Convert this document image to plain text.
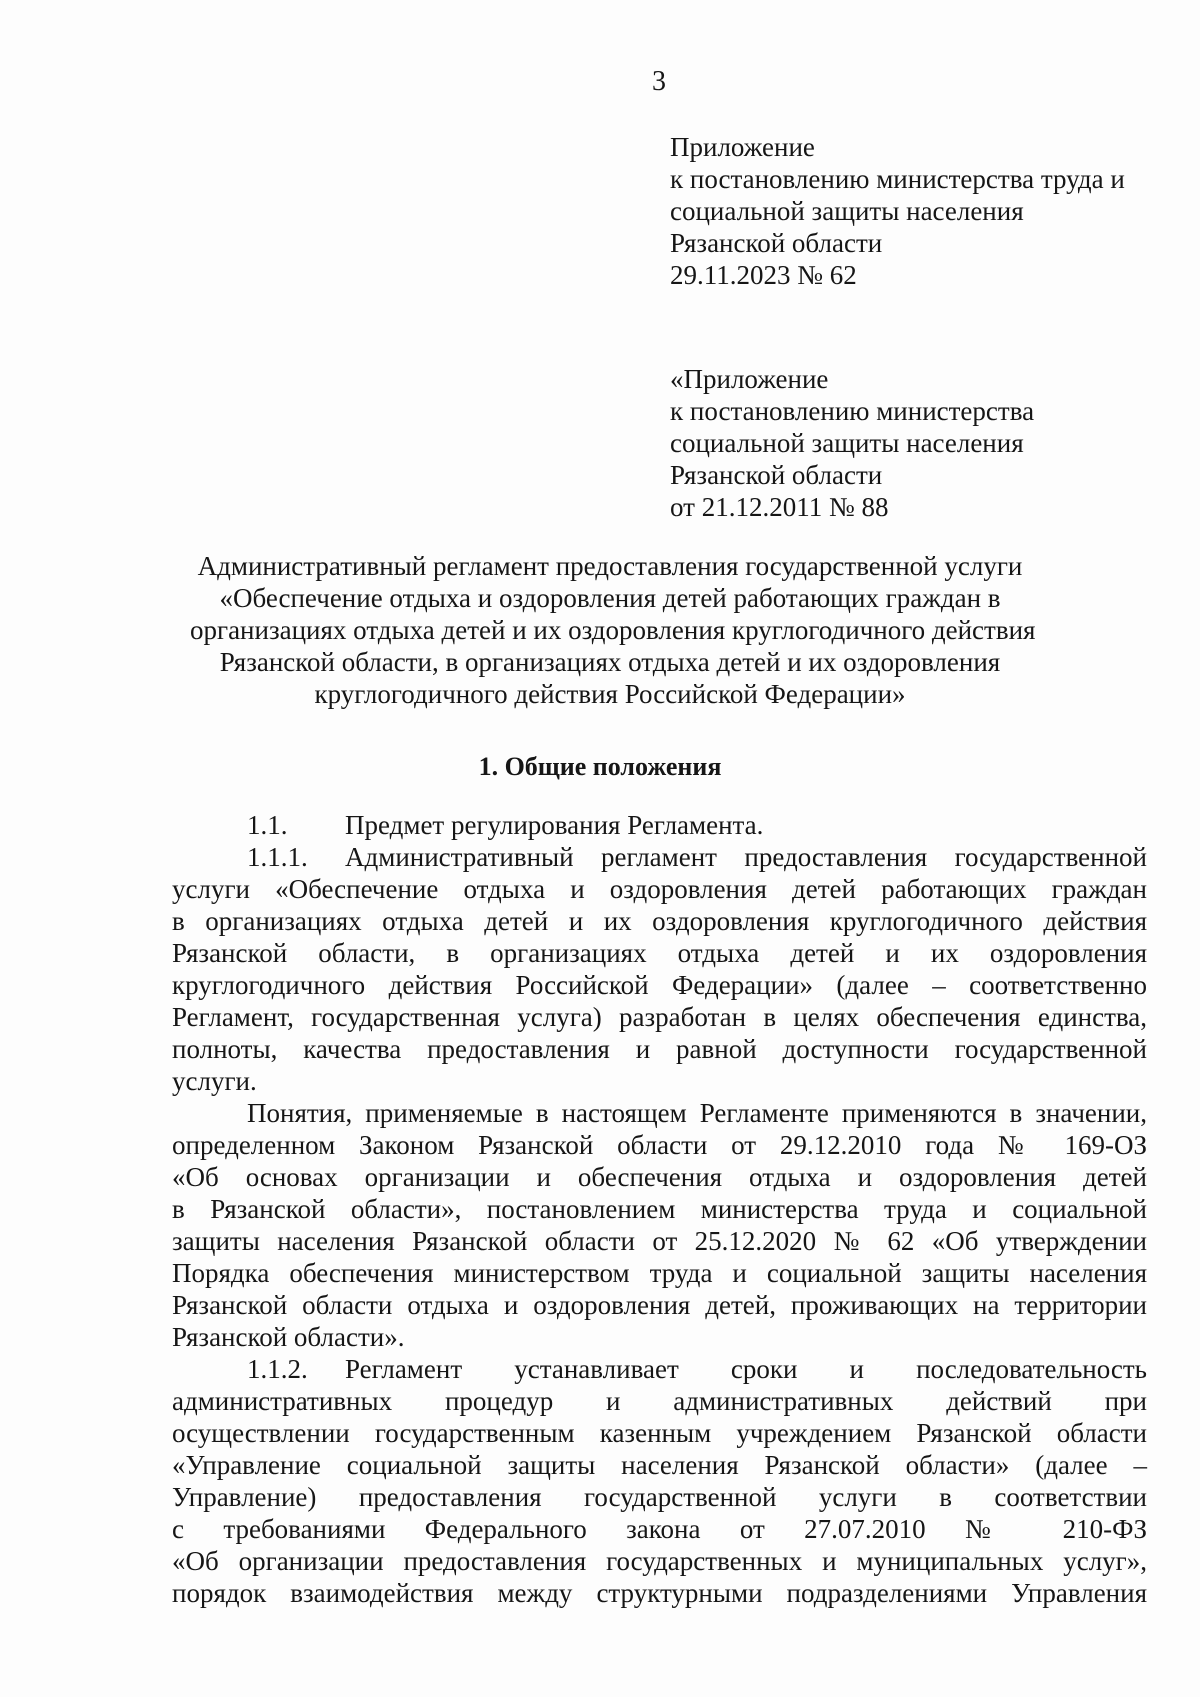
3
Приложение
к постановлению министерства труда и
социальной защиты населения
Рязанской области
29.11.2023 № 62
«Приложение
к постановлению министерства
социальной защиты населения
Рязанской области
от 21.12.2011 № 88
Административный регламент предоставления государственной услуги
«Обеспечение отдыха и оздоровления детей работающих граждан в
организациях отдыха детей и их оздоровления круглогодичного действия
Рязанской области, в организациях отдыха детей и их оздоровления
круглогодичного действия Российской Федерации»
1. Общие положения
1.1. Предмет регулирования Регламента.
1.1.1. Административный регламент предоставления государственной
услуги «Обеспечение отдыха и оздоровления детей работающих граждан
в организациях отдыха детей и их оздоровления круглогодичного действия
Рязанской области, в организациях отдыха детей и их оздоровления
круглогодичного действия Российской Федерации» (далее – соответственно
Регламент, государственная услуга) разработан в целях обеспечения единства,
полноты, качества предоставления и равной доступности государственной
услуги.
Понятия, применяемые в настоящем Регламенте применяются в значении,
определенном Законом Рязанской области от 29.12.2010 года № 169-ОЗ
«Об основах организации и обеспечения отдыха и оздоровления детей
в Рязанской области», постановлением министерства труда и социальной
защиты населения Рязанской области от 25.12.2020 № 62 «Об утверждении
Порядка обеспечения министерством труда и социальной защиты населения
Рязанской области отдыха и оздоровления детей, проживающих на территории
Рязанской области».
1.1.2. Регламент устанавливает сроки и последовательность
административных процедур и административных действий при
осуществлении государственным казенным учреждением Рязанской области
«Управление социальной защиты населения Рязанской области» (далее –
Управление) предоставления государственной услуги в соответствии
с требованиями Федерального закона от 27.07.2010 № 210-ФЗ
«Об организации предоставления государственных и муниципальных услуг»,
порядок взаимодействия между структурными подразделениями Управления
